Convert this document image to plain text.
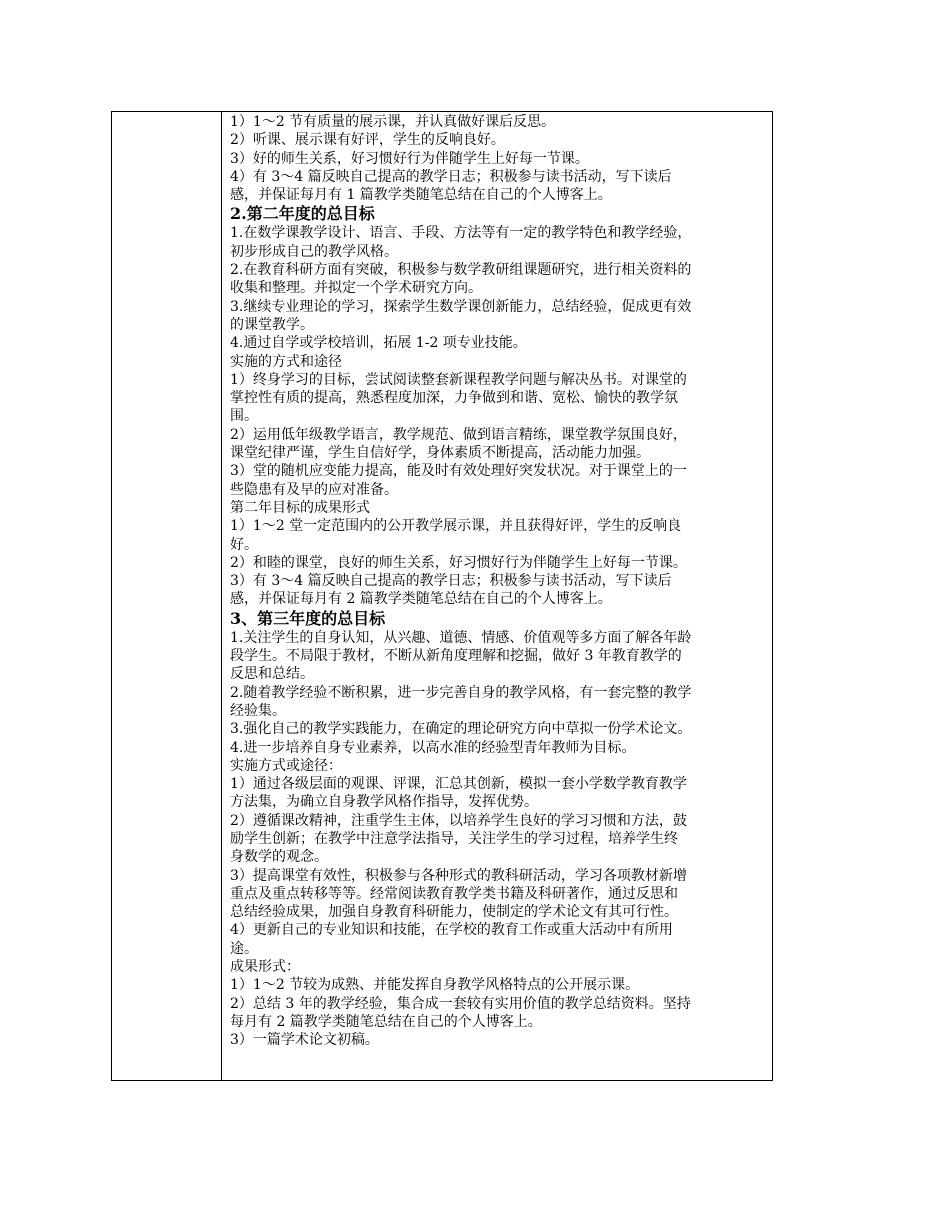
1）1～2 节有质量的展示课，并认真做好课后反思。
2）听课、展示课有好评，学生的反响良好。
3）好的师生关系，好习惯好行为伴随学生上好每一节课。
4）有 3～4 篇反映自己提高的教学日志；积极参与读书活动，写下读后
感，并保证每月有 1 篇教学类随笔总结在自己的个人博客上。
2.第二年度的总目标
1.在数学课教学设计、语言、手段、方法等有一定的教学特色和教学经验，
初步形成自己的教学风格。
2.在教育科研方面有突破，积极参与数学教研组课题研究，进行相关资料的
收集和整理。并拟定一个学术研究方向。
3.继续专业理论的学习，探索学生数学课创新能力，总结经验，促成更有效
的课堂教学。
4.通过自学或学校培训，拓展 1-2 项专业技能。
实施的方式和途径
1）终身学习的目标，尝试阅读整套新课程教学问题与解决丛书。对课堂的
掌控性有质的提高，熟悉程度加深，力争做到和谐、宽松、愉快的教学氛
围。
2）运用低年级教学语言，教学规范、做到语言精练，课堂教学氛围良好，
课堂纪律严谨，学生自信好学，身体素质不断提高，活动能力加强。
3）堂的随机应变能力提高，能及时有效处理好突发状况。对于课堂上的一
些隐患有及早的应对准备。
第二年目标的成果形式
1）1～2 堂一定范围内的公开教学展示课，并且获得好评，学生的反响良
好。
2）和睦的课堂，良好的师生关系，好习惯好行为伴随学生上好每一节课。
3）有 3～4 篇反映自己提高的教学日志；积极参与读书活动，写下读后
感，并保证每月有 2 篇教学类随笔总结在自己的个人博客上。
3、第三年度的总目标
1.关注学生的自身认知，从兴趣、道德、情感、价值观等多方面了解各年龄
段学生。不局限于教材，不断从新角度理解和挖掘，做好 3 年教育教学的
反思和总结。
2.随着教学经验不断积累，进一步完善自身的教学风格，有一套完整的教学
经验集。
3.强化自己的教学实践能力，在确定的理论研究方向中草拟一份学术论文。
4.进一步培养自身专业素养，以高水准的经验型青年教师为目标。
实施方式或途径：
1）通过各级层面的观课、评课，汇总其创新，模拟一套小学数学教育教学
方法集，为确立自身教学风格作指导，发挥优势。
2）遵循课改精神，注重学生主体，以培养学生良好的学习习惯和方法，鼓
励学生创新；在教学中注意学法指导，关注学生的学习过程，培养学生终
身数学的观念。
3）提高课堂有效性，积极参与各种形式的教科研活动，学习各项教材新增
重点及重点转移等等。经常阅读教育教学类书籍及科研著作，通过反思和
总结经验成果，加强自身教育科研能力，使制定的学术论文有其可行性。
4）更新自己的专业知识和技能，在学校的教育工作或重大活动中有所用
途。
成果形式：
1）1～2 节较为成熟、并能发挥自身教学风格特点的公开展示课。
2）总结 3 年的教学经验，集合成一套较有实用价值的教学总结资料。坚持
每月有 2 篇教学类随笔总结在自己的个人博客上。
3）一篇学术论文初稿。
